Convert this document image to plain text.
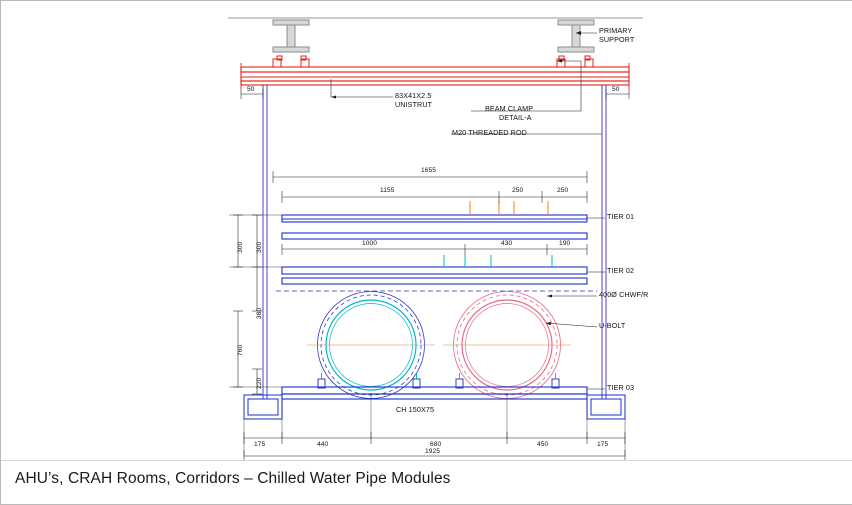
PRIMARY
SUPPORT
83X41X2.5
UNISTRUT	BEAM CLAMP
DETAIL-A
M20 THREADED ROD
TIER 01
TIER 02
400Ø CHWF/R
U-BOLT
TIER 03
CH 150X75
50	50
1655
1155	250	250
1000	430	190
300 300
380
760
220
175	440	680	450	175
1925
AHU’s, CRAH Rooms, Corridors – Chilled Water Pipe Modules
